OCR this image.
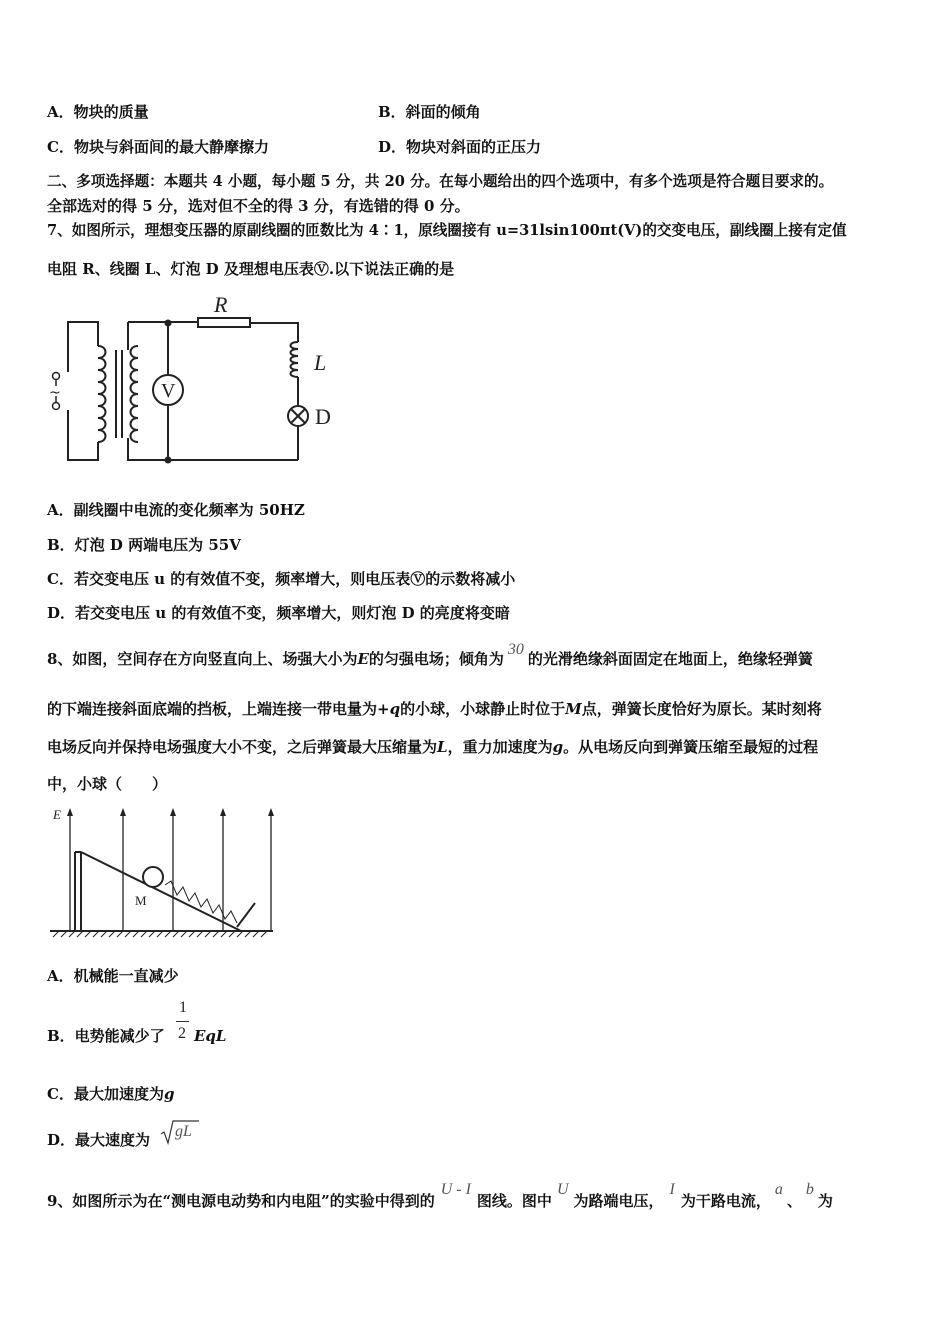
A．物块的质量	B．斜面的倾角
C．物块与斜面间的最大静摩擦力	D．物块对斜面的正压力
二、多项选择题：本题共 4 小题，每小题 5 分，共 20 分。在每小题给出的四个选项中，有多个选项是符合题目要求的。
全部选对的得 5 分，选对但不全的得 3 分，有选错的得 0 分。
7、如图所示，理想变压器的原副线圈的匝数比为 4∶1，原线圈接有 u=31lsin100πt(V)的交变电压，副线圈上接有定值
电阻 R、线圈 L、灯泡 D 及理想电压表Ⓥ.以下说法正确的是
~	V
R
L
D
A．副线圈中电流的变化频率为 50HZ
B．灯泡 D 两端电压为 55V
C．若交变电压 u 的有效值不变，频率增大，则电压表Ⓥ的示数将减小
D．若交变电压 u 的有效值不变，频率增大，则灯泡 D 的亮度将变暗
8、如图，空间存在方向竖直向上、场强大小为E的匀强电场；倾角为30的光滑绝缘斜面固定在地面上，绝缘轻弹簧
的下端连接斜面底端的挡板，上端连接一带电量为+q的小球，小球静止时位于M点，弹簧长度恰好为原长。某时刻将
电场反向并保持电场强度大小不变，之后弹簧最大压缩量为L，重力加速度为g。从电场反向到弹簧压缩至最短的过程
中，小球（　　）
E
M
A．机械能一直减少
B．电势能减少了
1
2 EqL
C．最大加速度为g
D．最大速度为 gL
9、如图所示为在“测电源电动势和内电阻”的实验中得到的U - I图线。图中U为路端电压，I为干路电流，a、b为
